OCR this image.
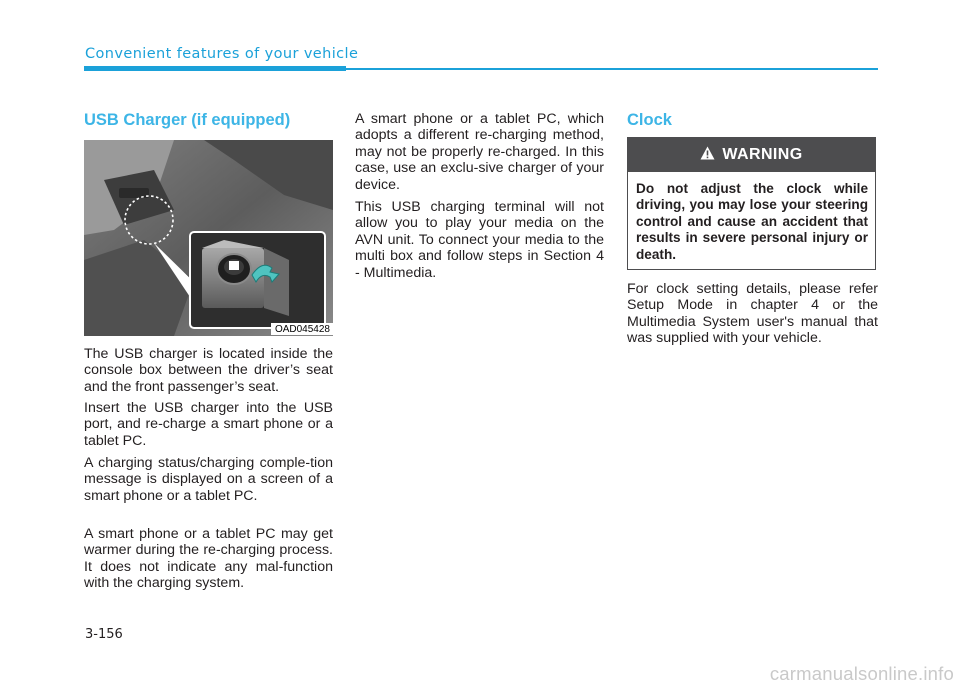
Convenient features of your vehicle
USB Charger (if equipped)
OAD045428

The USB charger is located inside the console box between the driver’s seat and the front passenger’s seat.

Insert the USB charger into the USB port, and re-charge a smart phone or a tablet PC.

A charging status/charging comple-tion message is displayed on a screen of a smart phone or a tablet PC.

A smart phone or a tablet PC may get warmer during the re-charging process. It does not indicate any mal-function with the charging system.

A smart phone or a tablet PC, which adopts a different re-charging method, may not be properly re-charged. In this case, use an exclu-sive charger of your device.

This USB charging terminal will not allow you to play your media on the AVN unit. To connect your media to the multi box and follow steps in Section 4 - Multimedia.

Clock
WARNING
Do not adjust the clock while driving, you may lose your steering control and cause an accident that results in severe personal injury or death.

For clock setting details, please refer Setup Mode in chapter 4 or the Multimedia System user's manual that was supplied with your vehicle.

3-156
carmanualsonline.info
